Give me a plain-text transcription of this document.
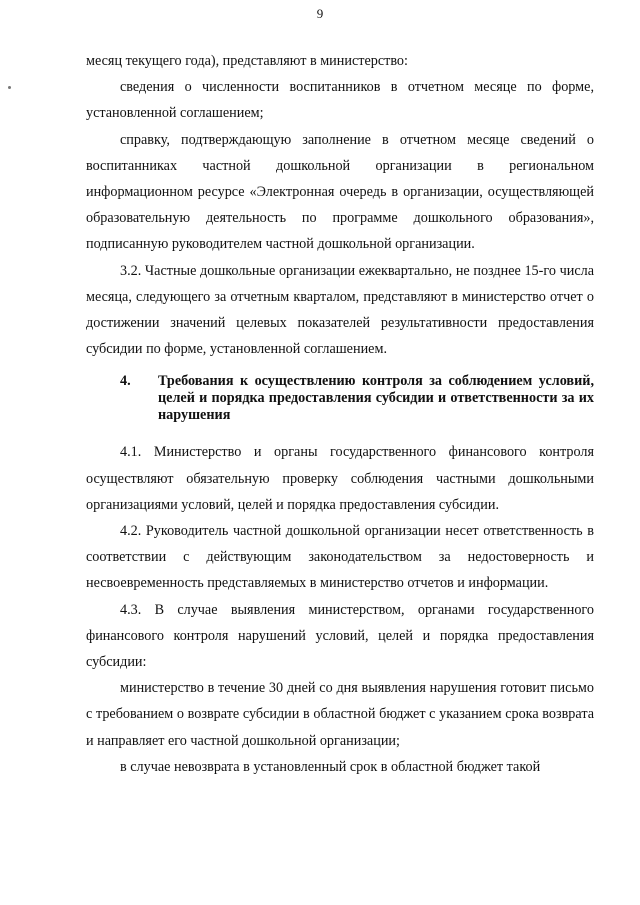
9

месяц текущего года), представляют в министерство:

сведения о численности воспитанников в отчетном месяце по форме, установленной соглашением;

справку, подтверждающую заполнение в отчетном месяце сведений о воспитанниках частной дошкольной организации в региональном информационном ресурсе «Электронная очередь в организации, осуществляющей образовательную деятельность по программе дошкольного образования», подписанную руководителем частной дошкольной организации.

3.2. Частные дошкольные организации ежеквартально, не позднее 15-го числа месяца, следующего за отчетным кварталом, представляют в министерство отчет о достижении значений целевых показателей результативности предоставления субсидии по форме, установленной соглашением.

4.	Требования к осуществлению контроля за соблюдением условий, целей и порядка предоставления субсидии и ответственности за их нарушения

4.1. Министерство и органы государственного финансового контроля осуществляют обязательную проверку соблюдения частными дошкольными организациями условий, целей и порядка предоставления субсидии.

4.2. Руководитель частной дошкольной организации несет ответственность в соответствии с действующим законодательством за недостоверность и несвоевременность представляемых в министерство отчетов и информации.

4.3. В случае выявления министерством, органами государственного финансового контроля нарушений условий, целей и порядка предоставления субсидии:

министерство в течение 30 дней со дня выявления нарушения готовит письмо с требованием о возврате субсидии в областной бюджет с указанием срока возврата и направляет его частной дошкольной организации;

в случае невозврата в установленный срок в областной бюджет такой
